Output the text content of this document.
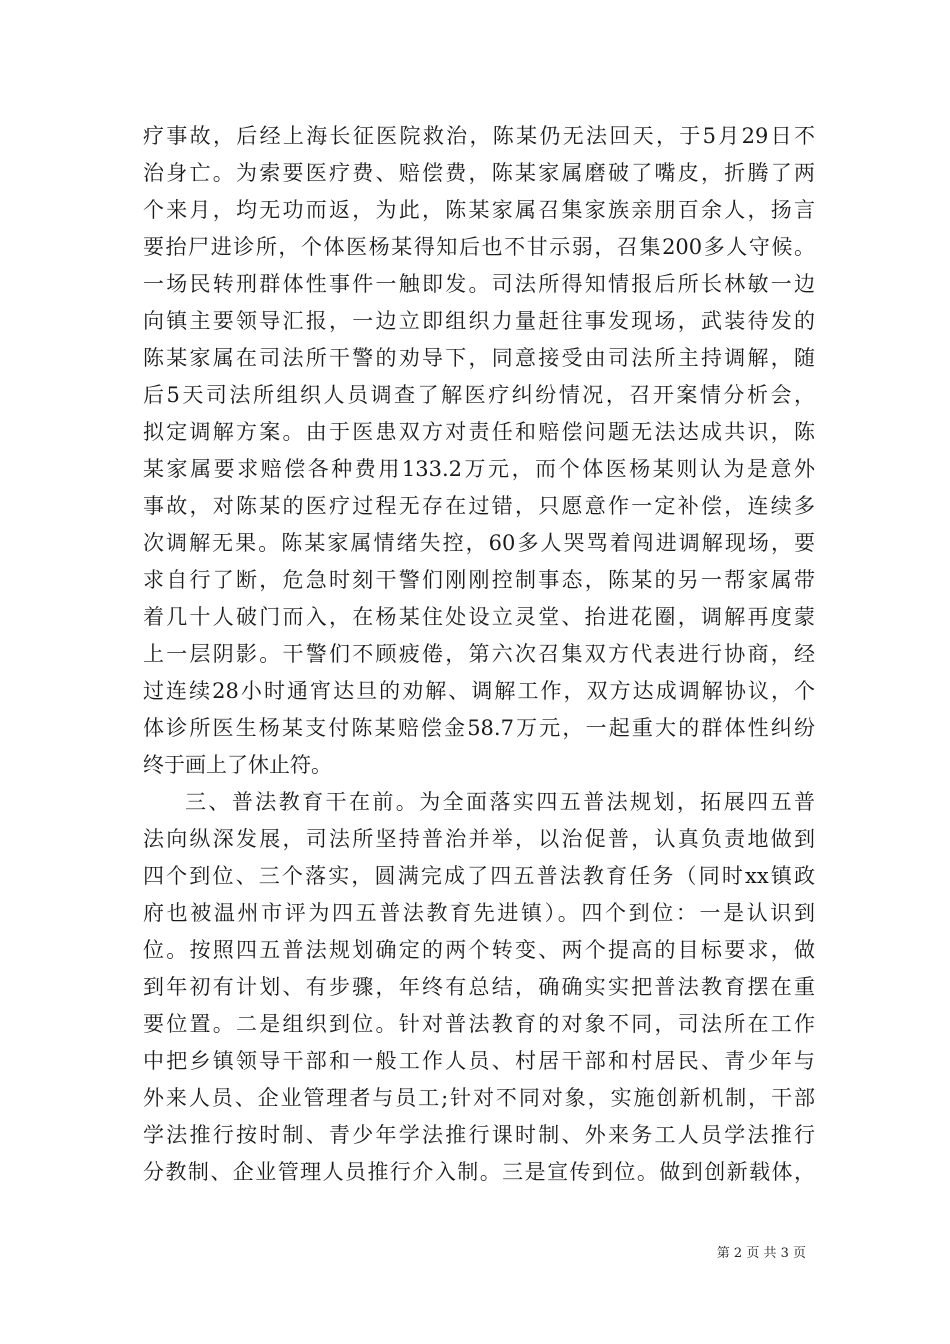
疗事故，后经上海长征医院救治，陈某仍无法回天，于5月29日不
治身亡。为索要医疗费、赔偿费，陈某家属磨破了嘴皮，折腾了两
个来月，均无功而返，为此，陈某家属召集家族亲朋百余人，扬言
要抬尸进诊所，个体医杨某得知后也不甘示弱，召集200多人守候。
一场民转刑群体性事件一触即发。司法所得知情报后所长林敏一边
向镇主要领导汇报，一边立即组织力量赶往事发现场，武装待发的
陈某家属在司法所干警的劝导下，同意接受由司法所主持调解，随
后5天司法所组织人员调查了解医疗纠纷情况，召开案情分析会，
拟定调解方案。由于医患双方对责任和赔偿问题无法达成共识，陈
某家属要求赔偿各种费用133.2万元，而个体医杨某则认为是意外
事故，对陈某的医疗过程无存在过错，只愿意作一定补偿，连续多
次调解无果。陈某家属情绪失控，60多人哭骂着闯进调解现场，要
求自行了断，危急时刻干警们刚刚控制事态，陈某的另一帮家属带
着几十人破门而入，在杨某住处设立灵堂、抬进花圈，调解再度蒙
上一层阴影。干警们不顾疲倦，第六次召集双方代表进行协商，经
过连续28小时通宵达旦的劝解、调解工作，双方达成调解协议，个
体诊所医生杨某支付陈某赔偿金58.7万元，一起重大的群体性纠纷
终于画上了休止符。
三、普法教育干在前。为全面落实四五普法规划，拓展四五普
法向纵深发展，司法所坚持普治并举，以治促普，认真负责地做到
四个到位、三个落实，圆满完成了四五普法教育任务（同时xx镇政
府也被温州市评为四五普法教育先进镇）。四个到位：一是认识到
位。按照四五普法规划确定的两个转变、两个提高的目标要求，做
到年初有计划、有步骤，年终有总结，确确实实把普法教育摆在重
要位置。二是组织到位。针对普法教育的对象不同，司法所在工作
中把乡镇领导干部和一般工作人员、村居干部和村居民、青少年与
外来人员、企业管理者与员工;针对不同对象，实施创新机制，干部
学法推行按时制、青少年学法推行课时制、外来务工人员学法推行
分教制、企业管理人员推行介入制。三是宣传到位。做到创新载体，
第 2 页 共 3 页
